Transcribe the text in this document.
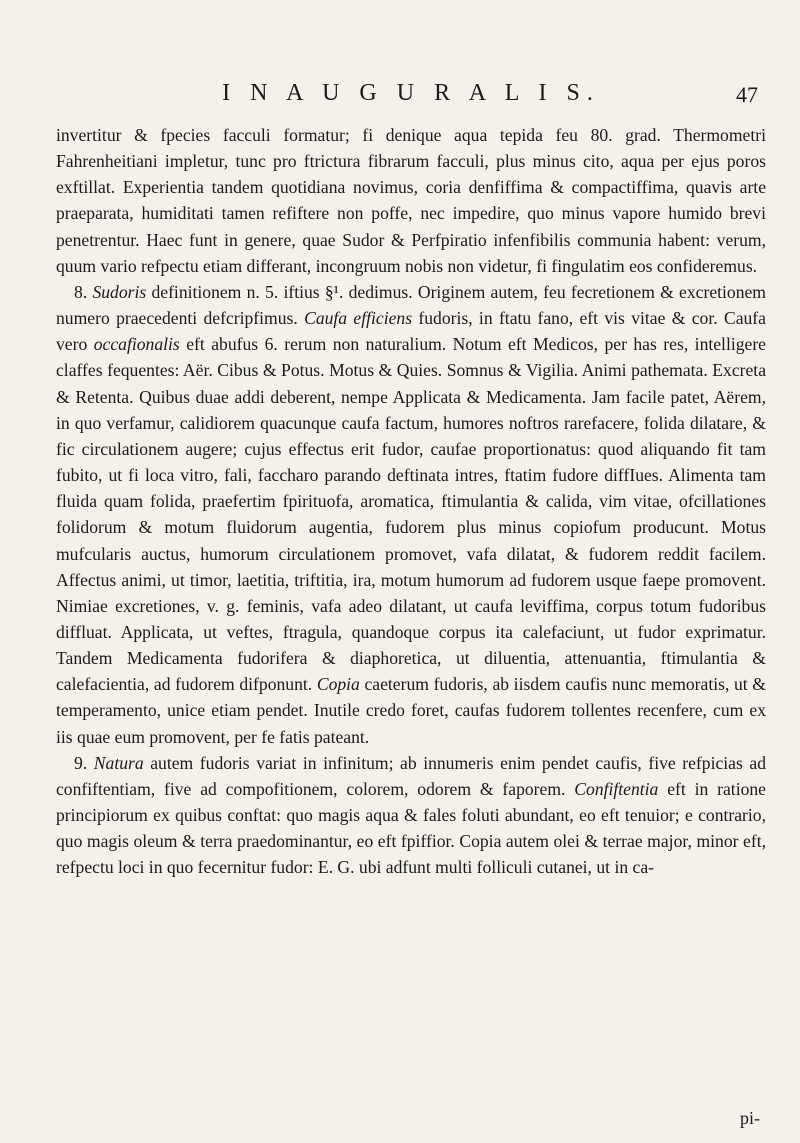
I N A U G U R A L I S.	47

invertitur & fpecies facculi formatur; fi denique aqua tepida feu 80. grad. Thermometri Fahrenheitiani impletur, tunc pro ftrictura fibrarum facculi, plus minus cito, aqua per ejus poros exftillat. Experientia tandem quotidiana novimus, coria denfiffima & compactiffima, quavis arte praeparata, humiditati tamen refiftere non poffe, nec impedire, quo minus vapore humido brevi penetrentur. Haec funt in genere, quae Sudor & Perfpiratio infenfibilis communia habent: verum, quum vario refpectu etiam differant, incongruum nobis non videtur, fi fingulatim eos confideremus.

8. Sudoris definitionem n. 5. iftius §¹. dedimus. Originem autem, feu fecretionem & excretionem numero praecedenti defcripfimus. Caufa efficiens fudoris, in ftatu fano, eft vis vitae & cor. Caufa vero occafionalis eft abufus 6. rerum non naturalium. Notum eft Medicos, per has res, intelligere claffes fequentes: Aër. Cibus & Potus. Motus & Quies. Somnus & Vigilia. Animi pathemata. Excreta & Retenta. Quibus duae addi deberent, nempe Applicata & Medicamenta. Jam facile patet, Aërem, in quo verfamur, calidiorem quacunque caufa factum, humores noftros rarefacere, folida dilatare, & fic circulationem augere; cujus effectus erit fudor, caufae proportionatus: quod aliquando fit tam fubito, ut fi loca vitro, fali, faccharo parando deftinata intres, ftatim fudore diffIues. Alimenta tam fluida quam folida, praefertim fpirituofa, aromatica, ftimulantia & calida, vim vitae, ofcillationes folidorum & motum fluidorum augentia, fudorem plus minus copiofum producunt. Motus mufcularis auctus, humorum circulationem promovet, vafa dilatat, & fudorem reddit facilem. Affectus animi, ut timor, laetitia, triftitia, ira, motum humorum ad fudorem usque faepe promovent. Nimiae excretiones, v. g. feminis, vafa adeo dilatant, ut caufa leviffima, corpus totum fudoribus diffluat. Applicata, ut veftes, ftragula, quandoque corpus ita calefaciunt, ut fudor exprimatur. Tandem Medicamenta fudorifera & diaphoretica, ut diluentia, attenuantia, ftimulantia & calefacientia, ad fudorem difponunt. Copia caeterum fudoris, ab iisdem caufis nunc memoratis, ut & temperamento, unice etiam pendet. Inutile credo foret, caufas fudorem tollentes recenfere, cum ex iis quae eum promovent, per fe fatis pateant.

9. Natura autem fudoris variat in infinitum; ab innumeris enim pendet caufis, five refpicias ad confiftentiam, five ad compofitionem, colorem, odorem & faporem. Confiftentia eft in ratione principiorum ex quibus conftat: quo magis aqua & fales foluti abundant, eo eft tenuior; e contrario, quo magis oleum & terra praedominantur, eo eft fpiffior. Copia autem olei & terrae major, minor eft, refpectu loci in quo fecernitur fudor: E. G. ubi adfunt multi folliculi cutanei, ut in ca-

pi-
